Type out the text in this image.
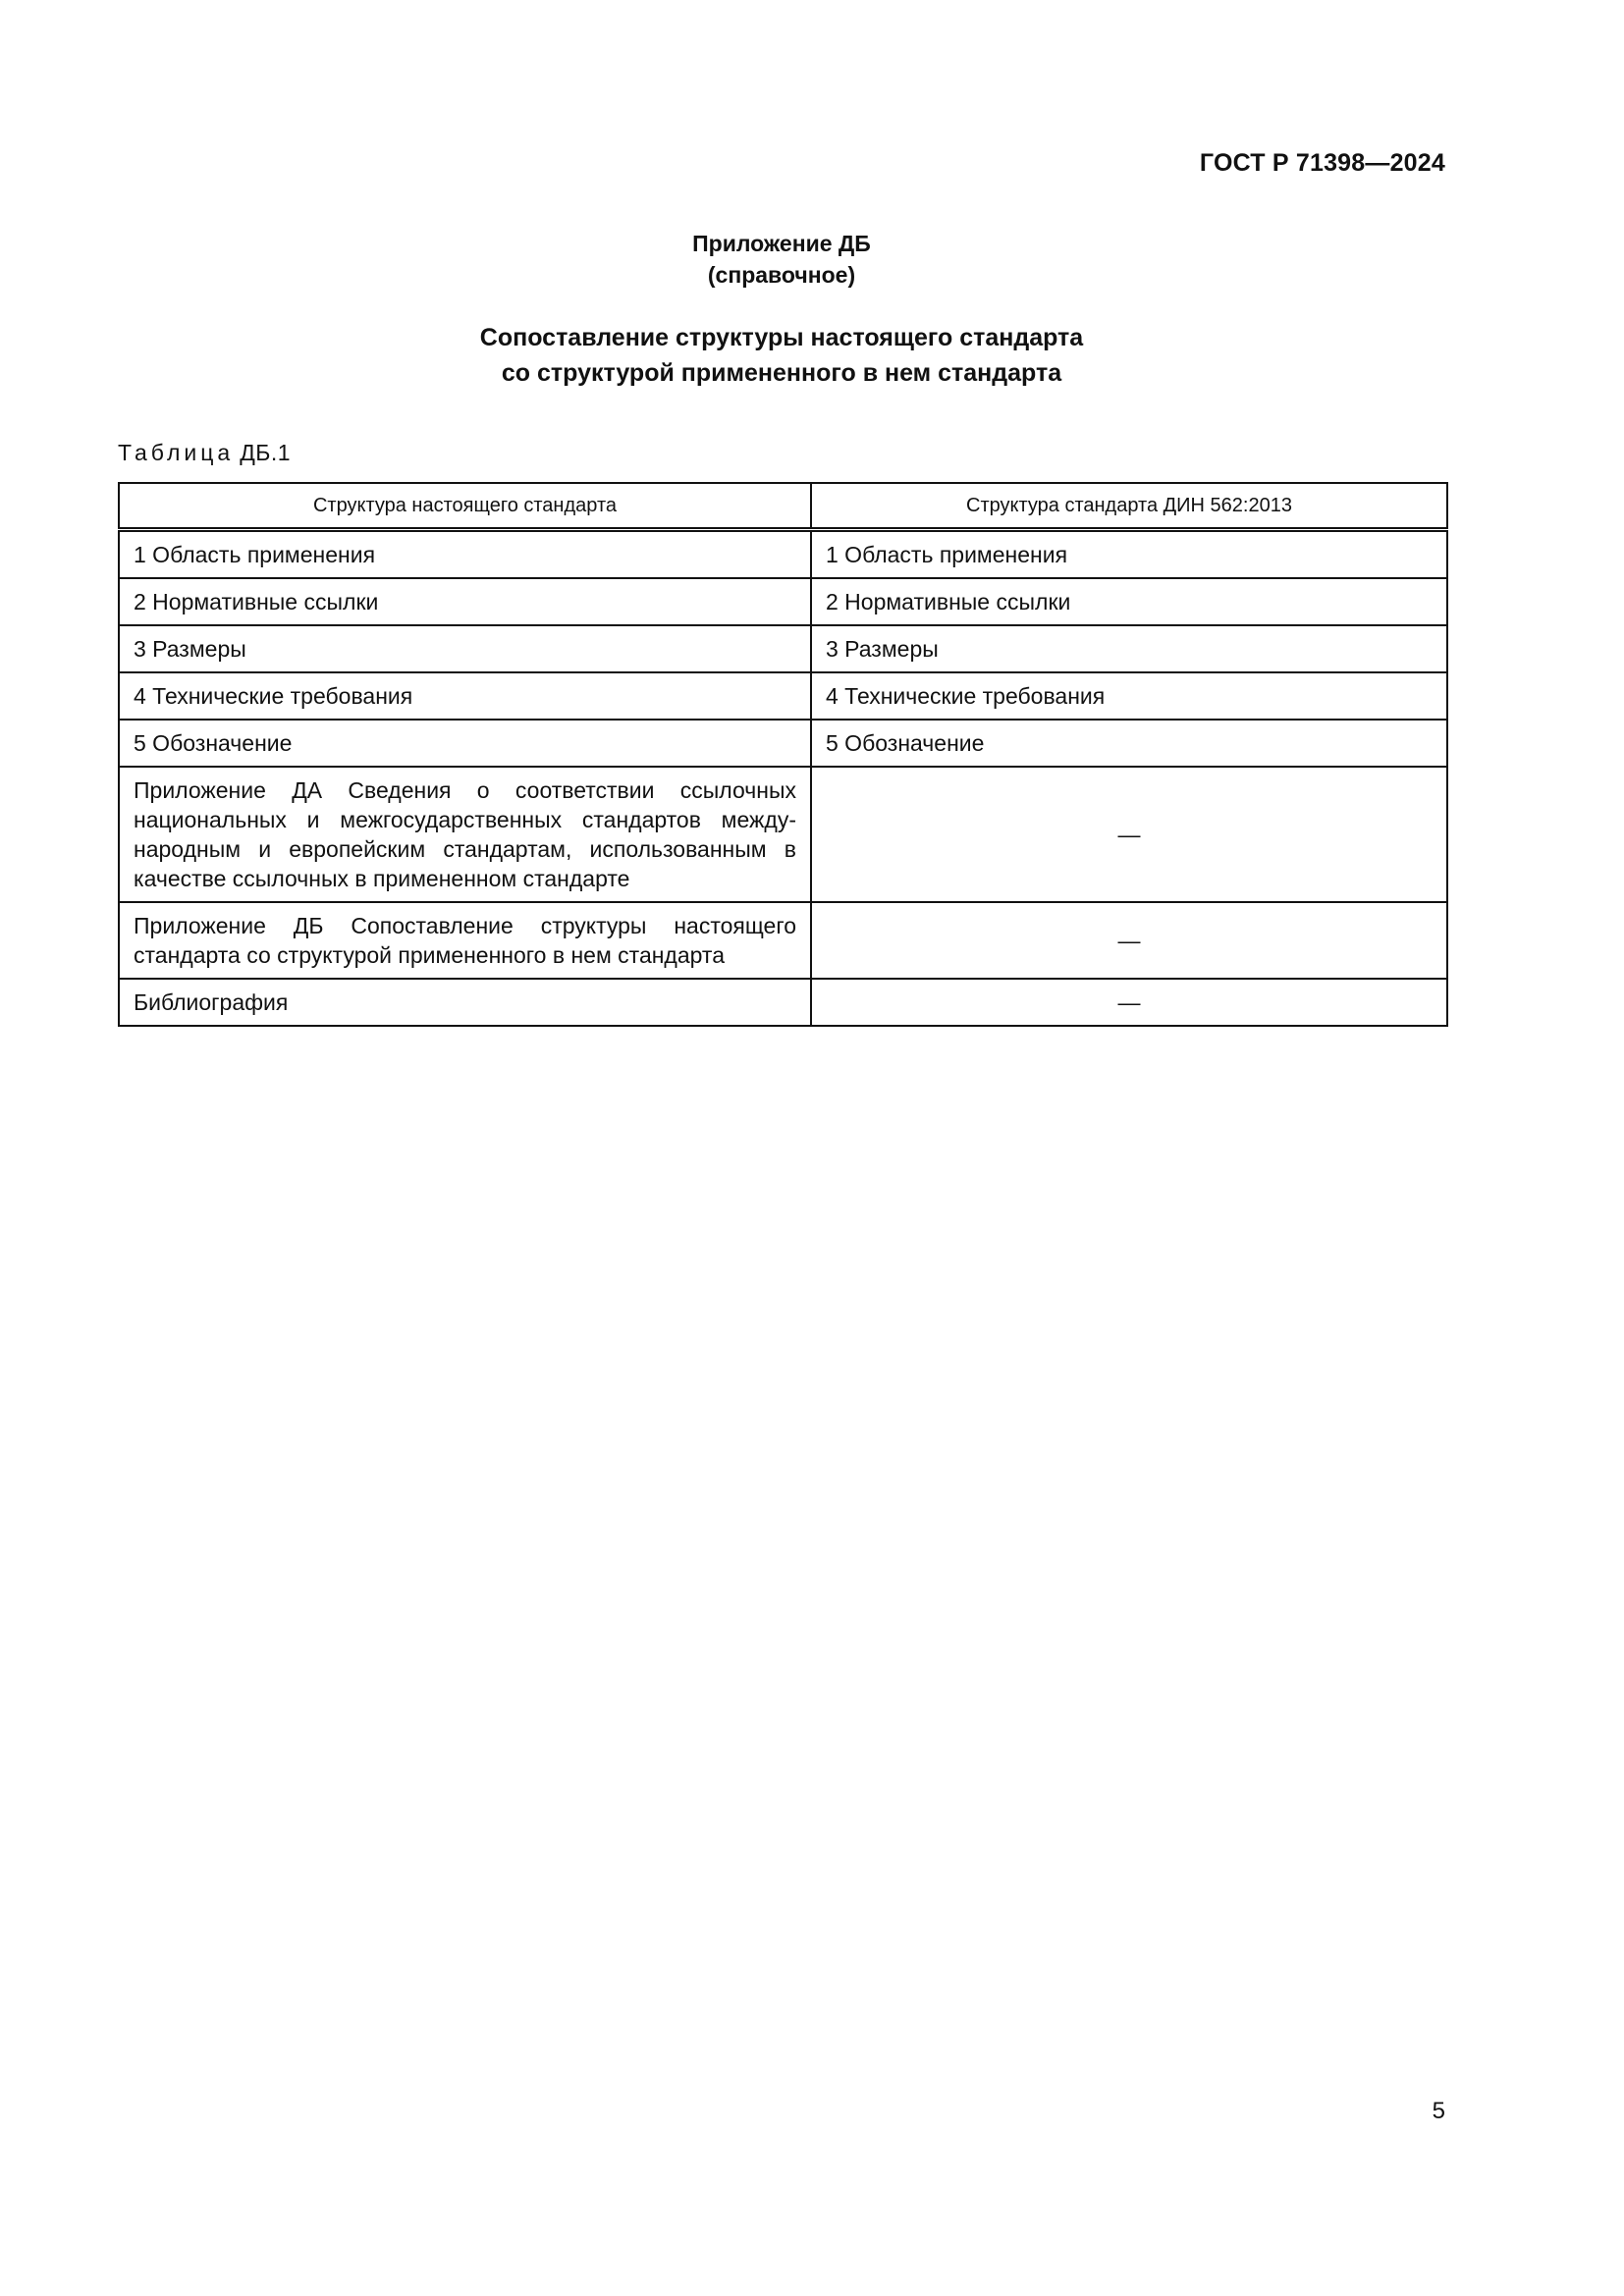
ГОСТ Р 71398—2024
Приложение ДБ
(справочное)
Сопоставление структуры настоящего стандарта
со структурой примененного в нем стандарта
Таблица ДБ.1
Структура настоящего стандарта	Структура стандарта ДИН 562:2013
1 Область применения	1 Область применения
2 Нормативные ссылки	2 Нормативные ссылки
3 Размеры	3 Размеры
4 Технические требования	4 Технические требования
5 Обозначение	5 Обозначение
Приложение ДА Сведения о соответствии ссылочных национальных и межгосударственных стандартов международным и европейским стандартам, использованным в качестве ссылочных в примененном стандарте	—
Приложение ДБ Сопоставление структуры настоящего стандарта со структурой примененного в нем стандарта	—
Библиография	—
5
